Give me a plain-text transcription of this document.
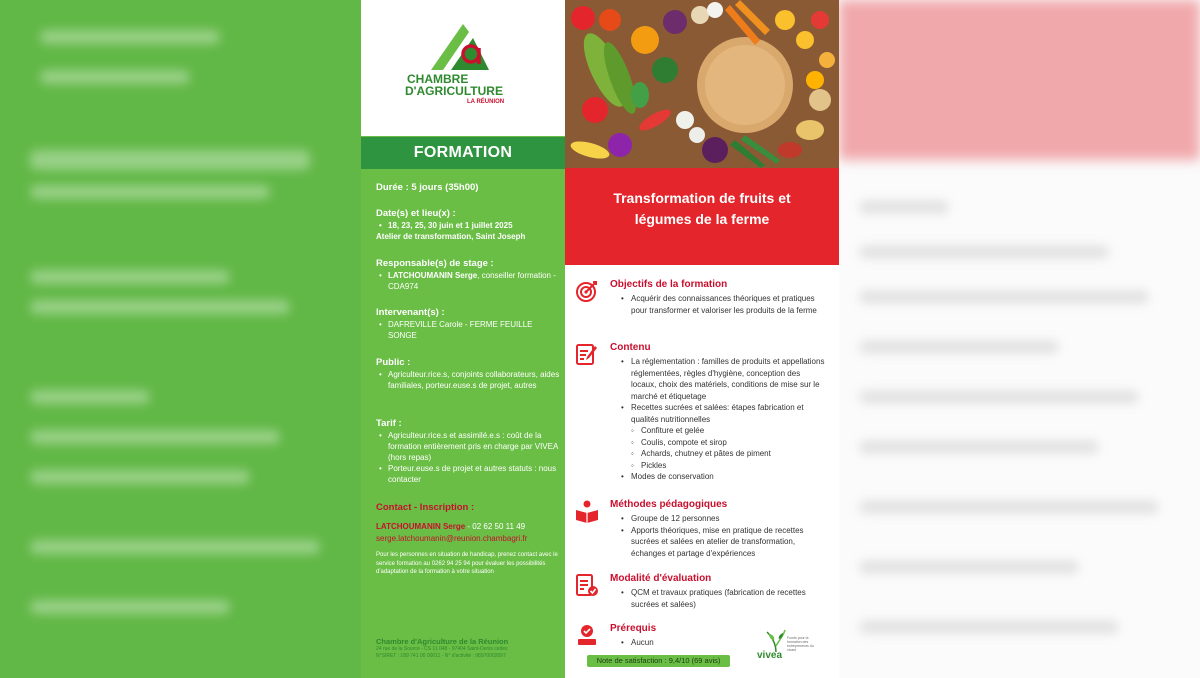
CHAMBRE
D'AGRICULTURE
LA RÉUNION
FORMATION
Durée : 5 jours (35h00)
Date(s) et lieu(x) :
• 18, 23, 25, 30 juin et 1 juillet 2025
Atelier de transformation, Saint Joseph
Responsable(s) de stage :
• LATCHOUMANIN Serge, conseiller formation - CDA974
Intervenant(s) :
• DAFREVILLE Carole - FERME FEUILLE SONGE
Public :
• Agriculteur.rice.s, conjoints collaborateurs, aides familiales, porteur.euse.s de projet, autres
Tarif :
• Agriculteur.rice.s et assimilé.e.s : coût de la formation entièrement pris en charge par VIVEA (hors repas)
• Porteur.euse.s de projet et autres statuts : nous contacter
Contact - Inscription :
LATCHOUMANIN Serge - 02 62 50 11 49
serge.latchoumanin@reunion.chambagri.fr
Pour les personnes en situation de handicap, prenez contact avec le service formation au 0262 94 25 94 pour évaluer les possibilités d'adaptation de la formation à votre situation
Chambre d'Agriculture de la Réunion
24 rue de la Source - CS 11 048 - 97404 Saint-Denis cedex
N°SIRET : 189 741 00 00011 - N° d'activité : 98970002097
Transformation de fruits et
légumes de la ferme
Objectifs de la formation
• Acquérir des connaissances théoriques et pratiques pour transformer et valoriser les produits de la ferme
Contenu
• La réglementation : familles de produits et appellations réglementées, règles d'hygiène, conception des locaux, choix des matériels, conditions de mise sur le marché et étiquetage
• Recettes sucrées et salées: étapes fabrication et qualités nutritionnelles
◦ Confiture et gelée
◦ Coulis, compote et sirop
◦ Achards, chutney et pâtes de piment
◦ Pickles
• Modes de conservation
Méthodes pédagogiques
• Groupe de 12 personnes
• Apports théoriques, mise en pratique de recettes sucrées et salées en atelier de transformation, échanges et partage d'expériences
Modalité d'évaluation
• QCM et travaux pratiques (fabrication de recettes sucrées et salées)
Prérequis
• Aucun
Note de satisfaction : 9,4/10 (69 avis)	vivea
Fonds pour la formation des entrepreneurs du vivant
